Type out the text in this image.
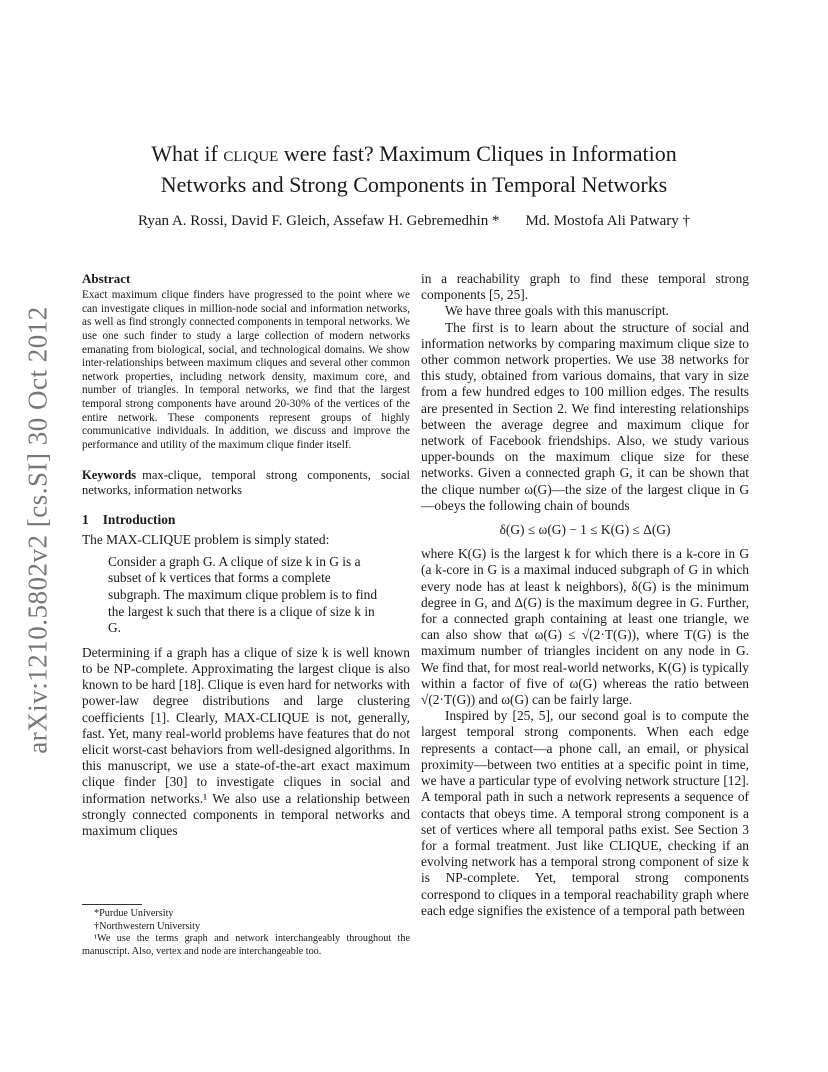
arXiv:1210.5802v2 [cs.SI] 30 Oct 2012
What if clique were fast? Maximum Cliques in Information
Networks and Strong Components in Temporal Networks
Ryan A. Rossi, David F. Gleich, Assefaw H. Gebremedhin * Md. Mostofa Ali Patwary †
Abstract

Exact maximum clique finders have progressed to the point where we can investigate cliques in million-node social and information networks, as well as find strongly connected components in temporal networks. We use one such finder to study a large collection of modern networks emanating from biological, social, and technological domains. We show inter-relationships between maximum cliques and several other common network properties, including network density, maximum core, and number of triangles. In temporal networks, we find that the largest temporal strong components have around 20-30% of the vertices of the entire network. These components represent groups of highly communicative individuals. In addition, we discuss and improve the performance and utility of the maximum clique finder itself.

Keywords max-clique, temporal strong components, social networks, information networks
1 Introduction

The MAX-CLIQUE problem is simply stated:

Consider a graph G. A clique of size k in G is a subset of k vertices that forms a complete subgraph. The maximum clique problem is to find the largest k such that there is a clique of size k in G.

Determining if a graph has a clique of size k is well known to be NP-complete. Approximating the largest clique is also known to be hard [18]. Clique is even hard for networks with power-law degree distributions and large clustering coefficients [1]. Clearly, MAX-CLIQUE is not, generally, fast. Yet, many real-world problems have features that do not elicit worst-cast behaviors from well-designed algorithms. In this manuscript, we use a state-of-the-art exact maximum clique finder [30] to investigate cliques in social and information networks.¹ We also use a relationship between strongly connected components in temporal networks and maximum cliques

*Purdue University
†Northwestern University
¹We use the terms graph and network interchangeably throughout the manuscript. Also, vertex and node are interchangeable too.

in a reachability graph to find these temporal strong components [5, 25].

We have three goals with this manuscript.

The first is to learn about the structure of social and information networks by comparing maximum clique size to other common network properties. We use 38 networks for this study, obtained from various domains, that vary in size from a few hundred edges to 100 million edges. The results are presented in Section 2. We find interesting relationships between the average degree and maximum clique for network of Facebook friendships. Also, we study various upper-bounds on the maximum clique size for these networks. Given a connected graph G, it can be shown that the clique number ω(G)—the size of the largest clique in G—obeys the following chain of bounds

δ(G) ≤ ω(G) − 1 ≤ K(G) ≤ Δ(G)

where K(G) is the largest k for which there is a k-core in G (a k-core in G is a maximal induced subgraph of G in which every node has at least k neighbors), δ(G) is the minimum degree in G, and Δ(G) is the maximum degree in G. Further, for a connected graph containing at least one triangle, we can also show that ω(G) ≤ √(2·T(G)), where T(G) is the maximum number of triangles incident on any node in G. We find that, for most real-world networks, K(G) is typically within a factor of five of ω(G) whereas the ratio between √(2·T(G)) and ω(G) can be fairly large.

Inspired by [25, 5], our second goal is to compute the largest temporal strong components. When each edge represents a contact—a phone call, an email, or physical proximity—between two entities at a specific point in time, we have a particular type of evolving network structure [12]. A temporal path in such a network represents a sequence of contacts that obeys time. A temporal strong component is a set of vertices where all temporal paths exist. See Section 3 for a formal treatment. Just like CLIQUE, checking if an evolving network has a temporal strong component of size k is NP-complete. Yet, temporal strong components correspond to cliques in a temporal reachability graph where each edge signifies the existence of a temporal path between
